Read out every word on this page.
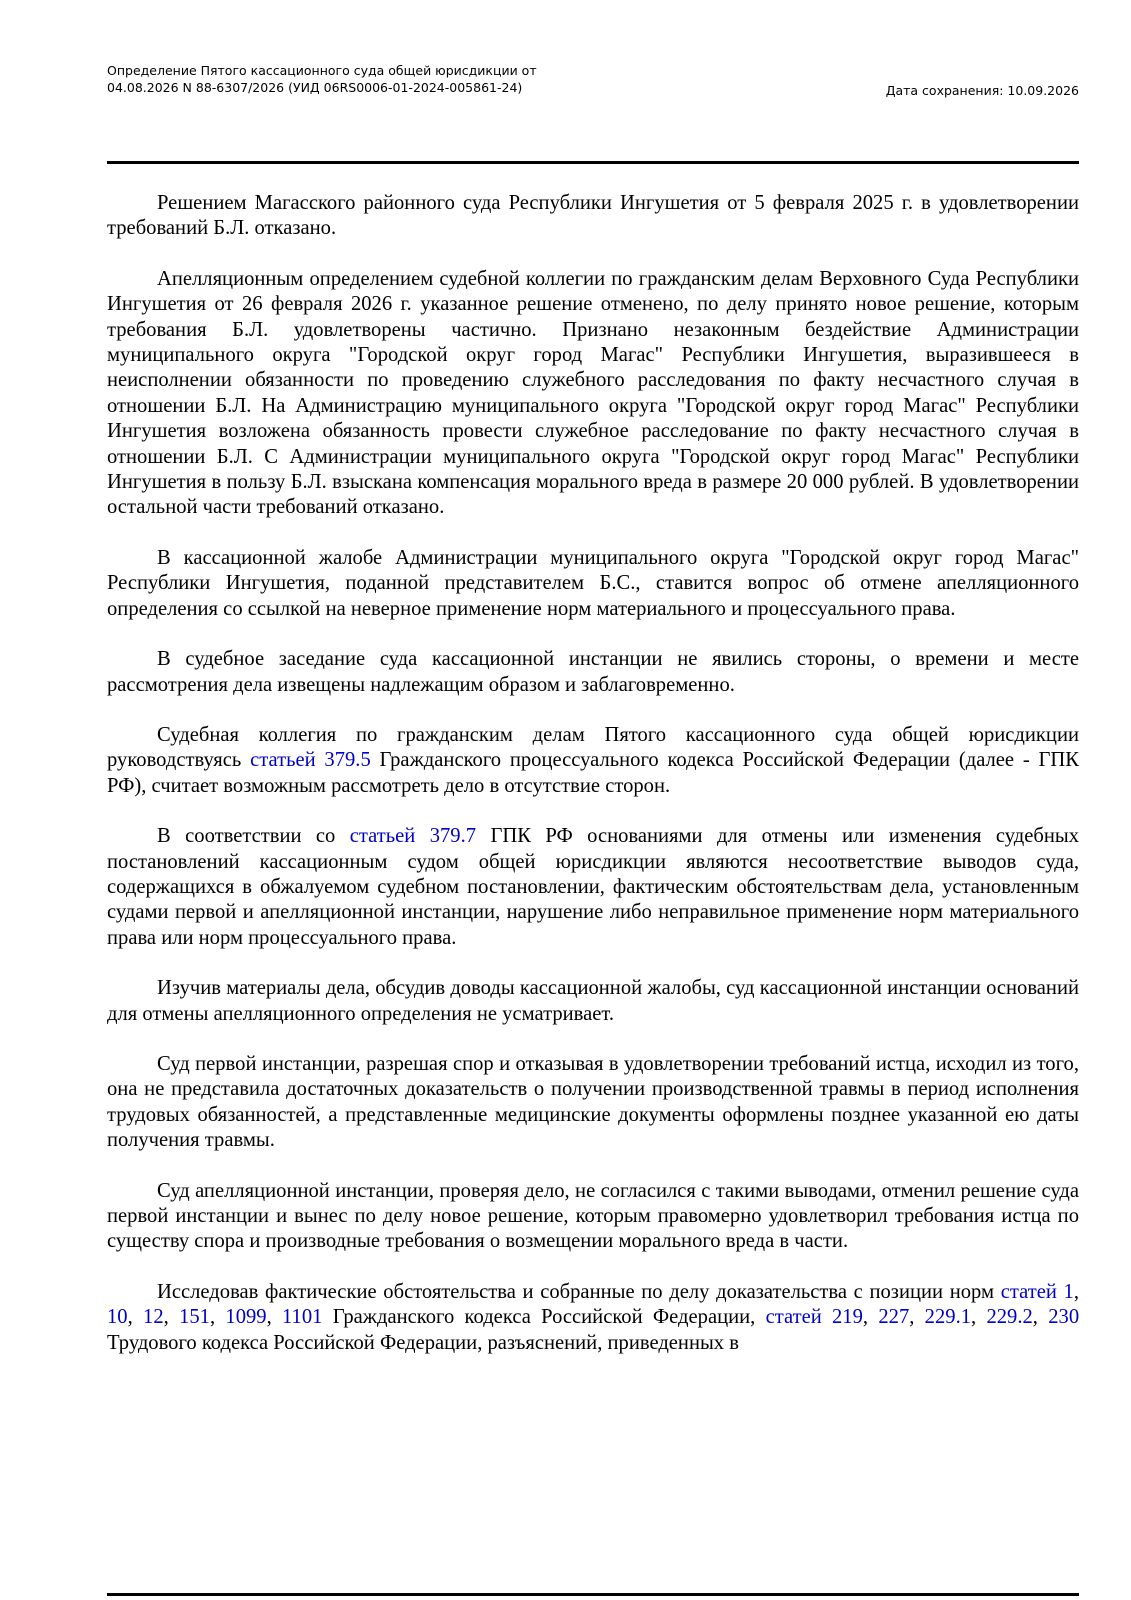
Определение Пятого кассационного суда общей юрисдикции от
04.08.2026 N 88-6307/2026 (УИД 06RS0006-01-2024-005861-24)	Дата сохранения: 10.09.2026

Решением Магасского районного суда Республики Ингушетия от 5 февраля 2025 г. в удовлетворении требований Б.Л. отказано.

Апелляционным определением судебной коллегии по гражданским делам Верховного Суда Республики Ингушетия от 26 февраля 2026 г. указанное решение отменено, по делу принято новое решение, которым требования Б.Л. удовлетворены частично. Признано незаконным бездействие Администрации муниципального округа "Городской округ город Магас" Республики Ингушетия, выразившееся в неисполнении обязанности по проведению служебного расследования по факту несчастного случая в отношении Б.Л. На Администрацию муниципального округа "Городской округ город Магас" Республики Ингушетия возложена обязанность провести служебное расследование по факту несчастного случая в отношении Б.Л. С Администрации муниципального округа "Городской округ город Магас" Республики Ингушетия в пользу Б.Л. взыскана компенсация морального вреда в размере 20 000 рублей. В удовлетворении остальной части требований отказано.

В кассационной жалобе Администрации муниципального округа "Городской округ город Магас" Республики Ингушетия, поданной представителем Б.С., ставится вопрос об отмене апелляционного определения со ссылкой на неверное применение норм материального и процессуального права.

В судебное заседание суда кассационной инстанции не явились стороны, о времени и месте рассмотрения дела извещены надлежащим образом и заблаговременно.

Судебная коллегия по гражданским делам Пятого кассационного суда общей юрисдикции руководствуясь статьей 379.5 Гражданского процессуального кодекса Российской Федерации (далее - ГПК РФ), считает возможным рассмотреть дело в отсутствие сторон.

В соответствии со статьей 379.7 ГПК РФ основаниями для отмены или изменения судебных постановлений кассационным судом общей юрисдикции являются несоответствие выводов суда, содержащихся в обжалуемом судебном постановлении, фактическим обстоятельствам дела, установленным судами первой и апелляционной инстанции, нарушение либо неправильное применение норм материального права или норм процессуального права.

Изучив материалы дела, обсудив доводы кассационной жалобы, суд кассационной инстанции оснований для отмены апелляционного определения не усматривает.

Суд первой инстанции, разрешая спор и отказывая в удовлетворении требований истца, исходил из того, она не представила достаточных доказательств о получении производственной травмы в период исполнения трудовых обязанностей, а представленные медицинские документы оформлены позднее указанной ею даты получения травмы.

Суд апелляционной инстанции, проверяя дело, не согласился с такими выводами, отменил решение суда первой инстанции и вынес по делу новое решение, которым правомерно удовлетворил требования истца по существу спора и производные требования о возмещении морального вреда в части.

Исследовав фактические обстоятельства и собранные по делу доказательства с позиции норм статей 1, 10, 12, 151, 1099, 1101 Гражданского кодекса Российской Федерации, статей 219, 227, 229.1, 229.2, 230 Трудового кодекса Российской Федерации, разъяснений, приведенных в
